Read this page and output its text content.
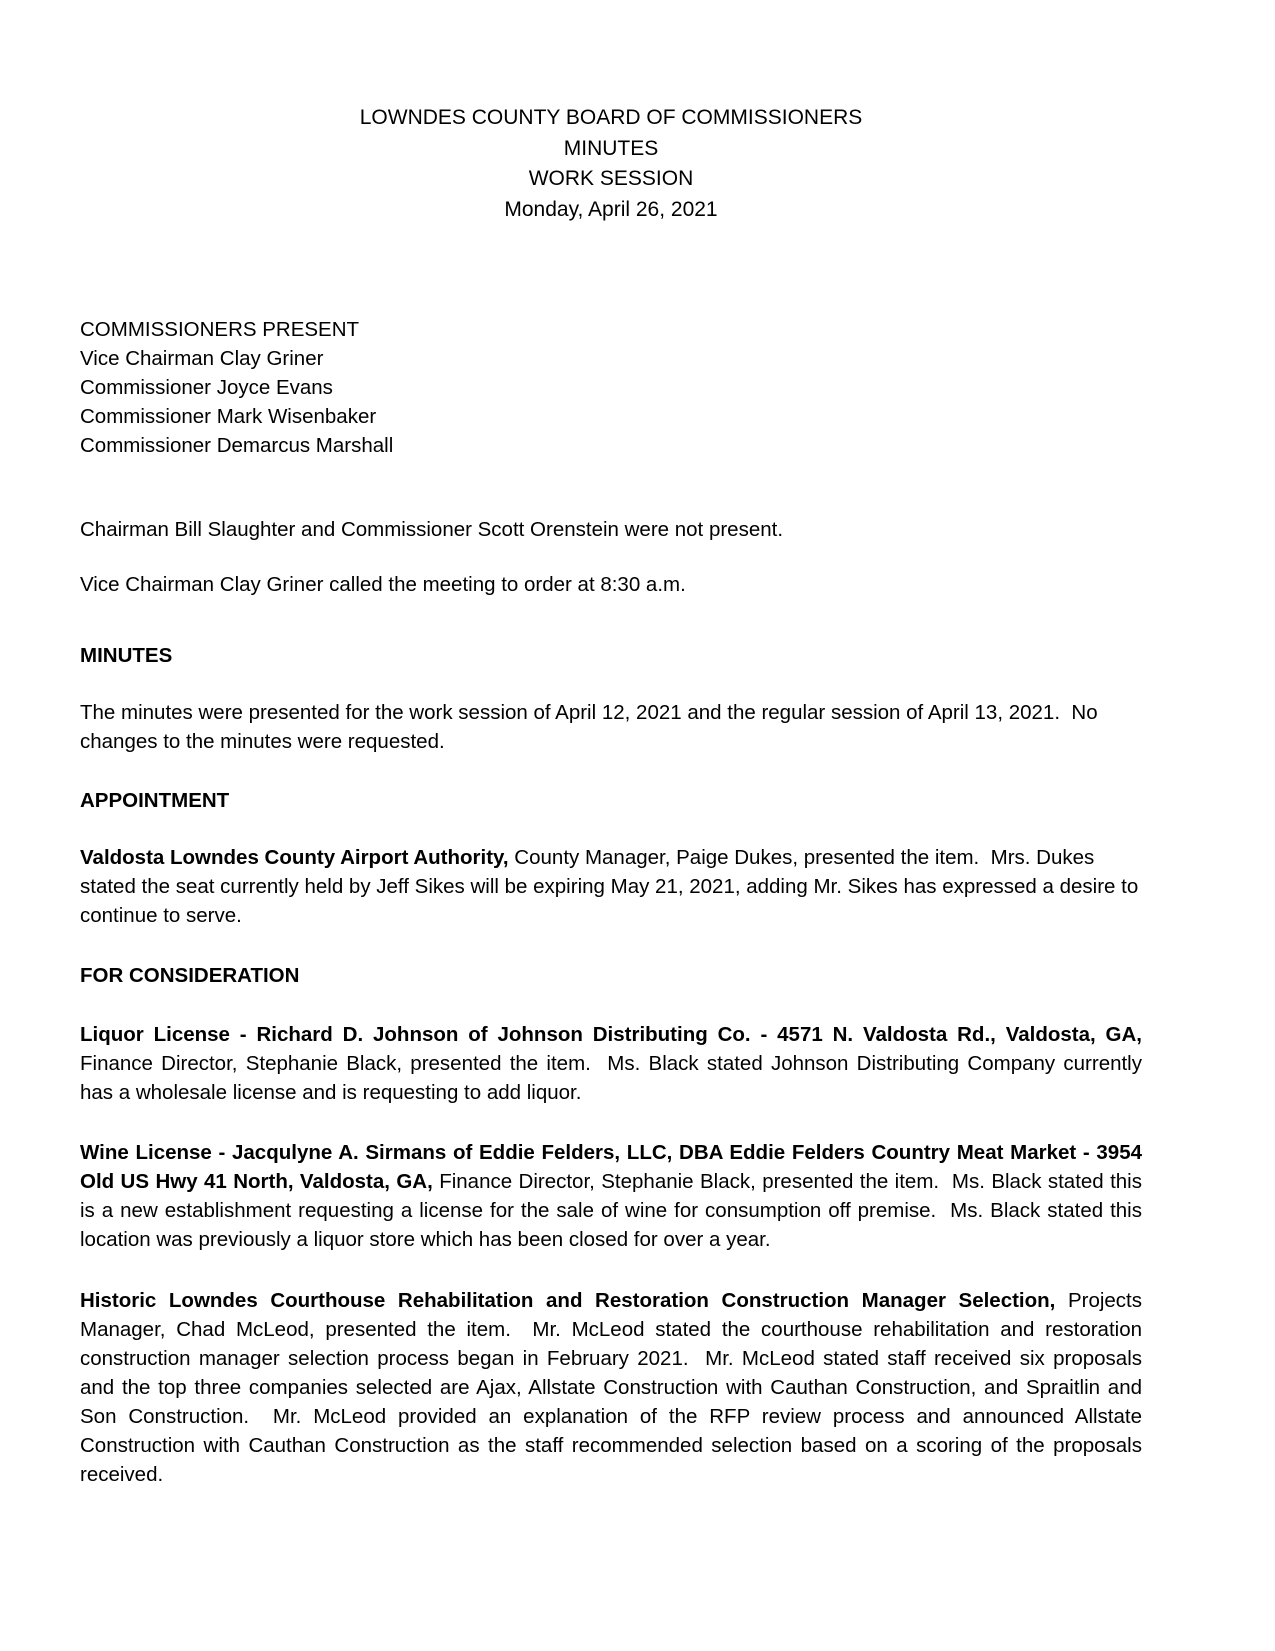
LOWNDES COUNTY BOARD OF COMMISSIONERS
MINUTES
WORK SESSION
Monday, April 26, 2021
COMMISSIONERS PRESENT
Vice Chairman Clay Griner
Commissioner Joyce Evans
Commissioner Mark Wisenbaker
Commissioner Demarcus Marshall

Chairman Bill Slaughter and Commissioner Scott Orenstein were not present.

Vice Chairman Clay Griner called the meeting to order at 8:30 a.m.

MINUTES

The minutes were presented for the work session of April 12, 2021 and the regular session of April 13, 2021.  No changes to the minutes were requested.

APPOINTMENT

Valdosta Lowndes County Airport Authority, County Manager, Paige Dukes, presented the item.  Mrs. Dukes stated the seat currently held by Jeff Sikes will be expiring May 21, 2021, adding Mr. Sikes has expressed a desire to continue to serve.

FOR CONSIDERATION

Liquor License - Richard D. Johnson of Johnson Distributing Co. - 4571 N. Valdosta Rd., Valdosta, GA, Finance Director, Stephanie Black, presented the item.  Ms. Black stated Johnson Distributing Company currently has a wholesale license and is requesting to add liquor.

Wine License - Jacqulyne A. Sirmans of Eddie Felders, LLC, DBA Eddie Felders Country Meat Market - 3954 Old US Hwy 41 North, Valdosta, GA, Finance Director, Stephanie Black, presented the item.  Ms. Black stated this is a new establishment requesting a license for the sale of wine for consumption off premise.  Ms. Black stated this location was previously a liquor store which has been closed for over a year.

Historic Lowndes Courthouse Rehabilitation and Restoration Construction Manager Selection, Projects Manager, Chad McLeod, presented the item.  Mr. McLeod stated the courthouse rehabilitation and restoration construction manager selection process began in February 2021.  Mr. McLeod stated staff received six proposals and the top three companies selected are Ajax, Allstate Construction with Cauthan Construction, and Spraitlin and Son Construction.  Mr. McLeod provided an explanation of the RFP review process and announced Allstate Construction with Cauthan Construction as the staff recommended selection based on a scoring of the proposals received.
